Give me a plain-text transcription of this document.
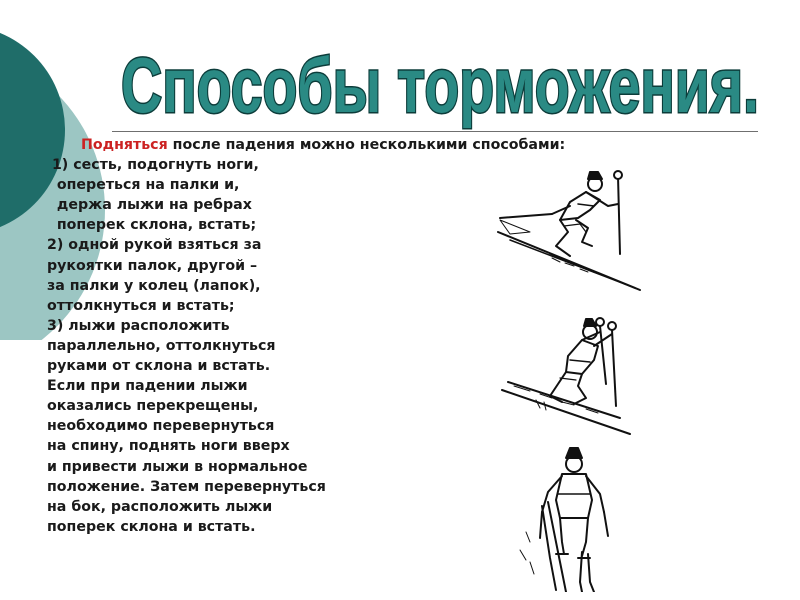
Способы торможения.
Подняться после падения можно несколькими способами:
1) сесть, подогнуть ноги,
опереться на палки и,
держа лыжи на ребрах
поперек склона, встать;
2) одной рукой взяться за
рукоятки палок, другой –
за палки у колец (лапок),
оттолкнуться и встать;
3) лыжи расположить
параллельно, оттолкнуться
руками от склона и встать.
Если при падении лыжи
оказались перекрещены,
необходимо перевернуться
на спину, поднять ноги вверх
и привести лыжи в нормальное
положение. Затем перевернуться
на бок, расположить лыжи
поперек склона и встать.
